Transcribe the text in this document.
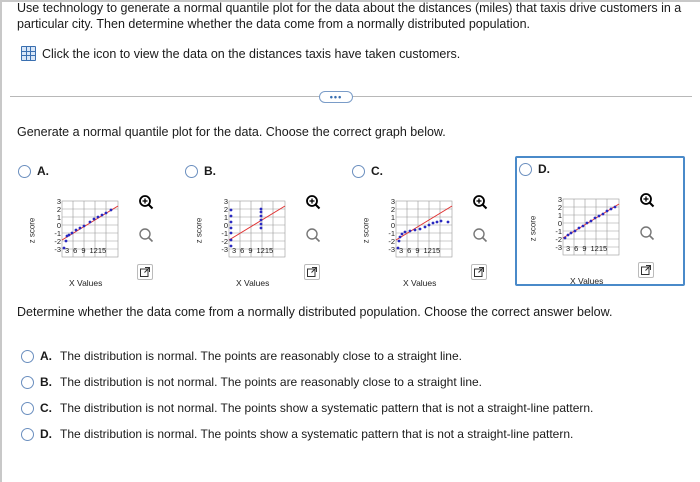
Use technology to generate a normal quantile plot for the data about the distances (miles) that taxis drive customers in a particular city. Then determine whether the data come from a normally distributed population.
Click the icon to view the data on the distances taxis have taken customers.
•••
Generate a normal quantile plot for the data. Choose the correct graph below.
A.
3
2
1
0
-1
-2
-3 3 6 9 1215
z score
X Values
B.
3
2
1
0
-1
-2
-3 3 6 9 1215
z score
X Values
C.
3
2
1
0
-1
-2
-3 3 6 9 1215
z score
X Values
D.
3
2
1
0
-1
-2
-3 3 6 9 1215
z score
X Values
Determine whether the data come from a normally distributed population. Choose the correct answer below.
A. The distribution is normal. The points are reasonably close to a straight line.
B. The distribution is not normal. The points are reasonably close to a straight line.
C. The distribution is not normal. The points show a systematic pattern that is not a straight-line pattern.
D. The distribution is normal. The points show a systematic pattern that is not a straight-line pattern.
